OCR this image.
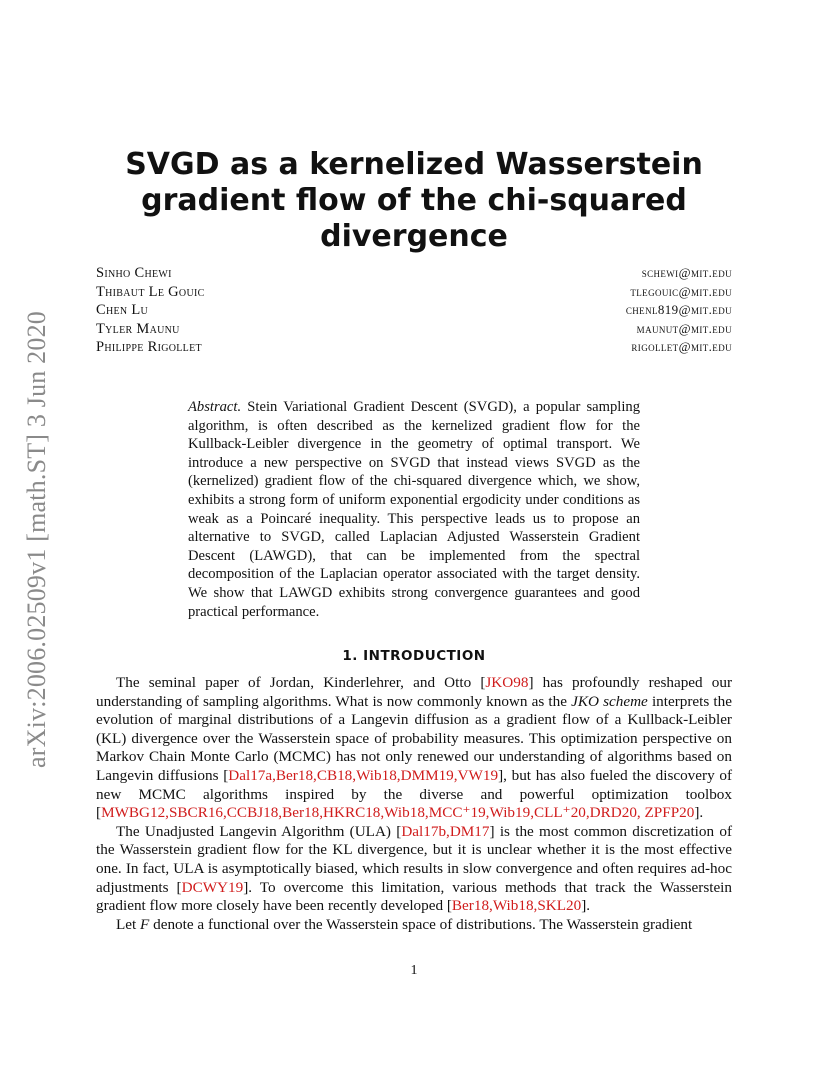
arXiv:2006.02509v1 [math.ST] 3 Jun 2020
SVGD as a kernelized Wasserstein gradient flow of the chi-squared divergence
Sinho Chewi	schewi@mit.edu
Thibaut Le Gouic	tlegouic@mit.edu
Chen Lu	chenl819@mit.edu
Tyler Maunu	maunut@mit.edu
Philippe Rigollet	rigollet@mit.edu
Abstract. Stein Variational Gradient Descent (SVGD), a popular sampling algorithm, is often described as the kernelized gradient flow for the Kullback-Leibler divergence in the geometry of optimal transport. We introduce a new perspective on SVGD that instead views SVGD as the (kernelized) gradient flow of the chi-squared divergence which, we show, exhibits a strong form of uniform exponential ergodicity under conditions as weak as a Poincaré inequality. This perspective leads us to propose an alternative to SVGD, called Laplacian Adjusted Wasserstein Gradient Descent (LAWGD), that can be implemented from the spectral decomposition of the Laplacian operator associated with the target density. We show that LAWGD exhibits strong convergence guarantees and good practical performance.
1. INTRODUCTION

The seminal paper of Jordan, Kinderlehrer, and Otto [JKO98] has profoundly reshaped our understanding of sampling algorithms. What is now commonly known as the JKO scheme interprets the evolution of marginal distributions of a Langevin diffusion as a gradient flow of a Kullback-Leibler (KL) divergence over the Wasserstein space of probability measures. This optimization perspective on Markov Chain Monte Carlo (MCMC) has not only renewed our understanding of algorithms based on Langevin diffusions [Dal17a,Ber18,CB18,Wib18,DMM19,VW19], but has also fueled the discovery of new MCMC algorithms inspired by the diverse and powerful optimization toolbox [MWBG12,SBCR16,CCBJ18,Ber18,HKRC18,Wib18,MCC⁺19,Wib19,CLL⁺20,DRD20, ZPFP20].

The Unadjusted Langevin Algorithm (ULA) [Dal17b,DM17] is the most common discretization of the Wasserstein gradient flow for the KL divergence, but it is unclear whether it is the most effective one. In fact, ULA is asymptotically biased, which results in slow convergence and often requires ad-hoc adjustments [DCWY19]. To overcome this limitation, various methods that track the Wasserstein gradient flow more closely have been recently developed [Ber18,Wib18,SKL20].

Let F denote a functional over the Wasserstein space of distributions. The Wasserstein gradient

1
